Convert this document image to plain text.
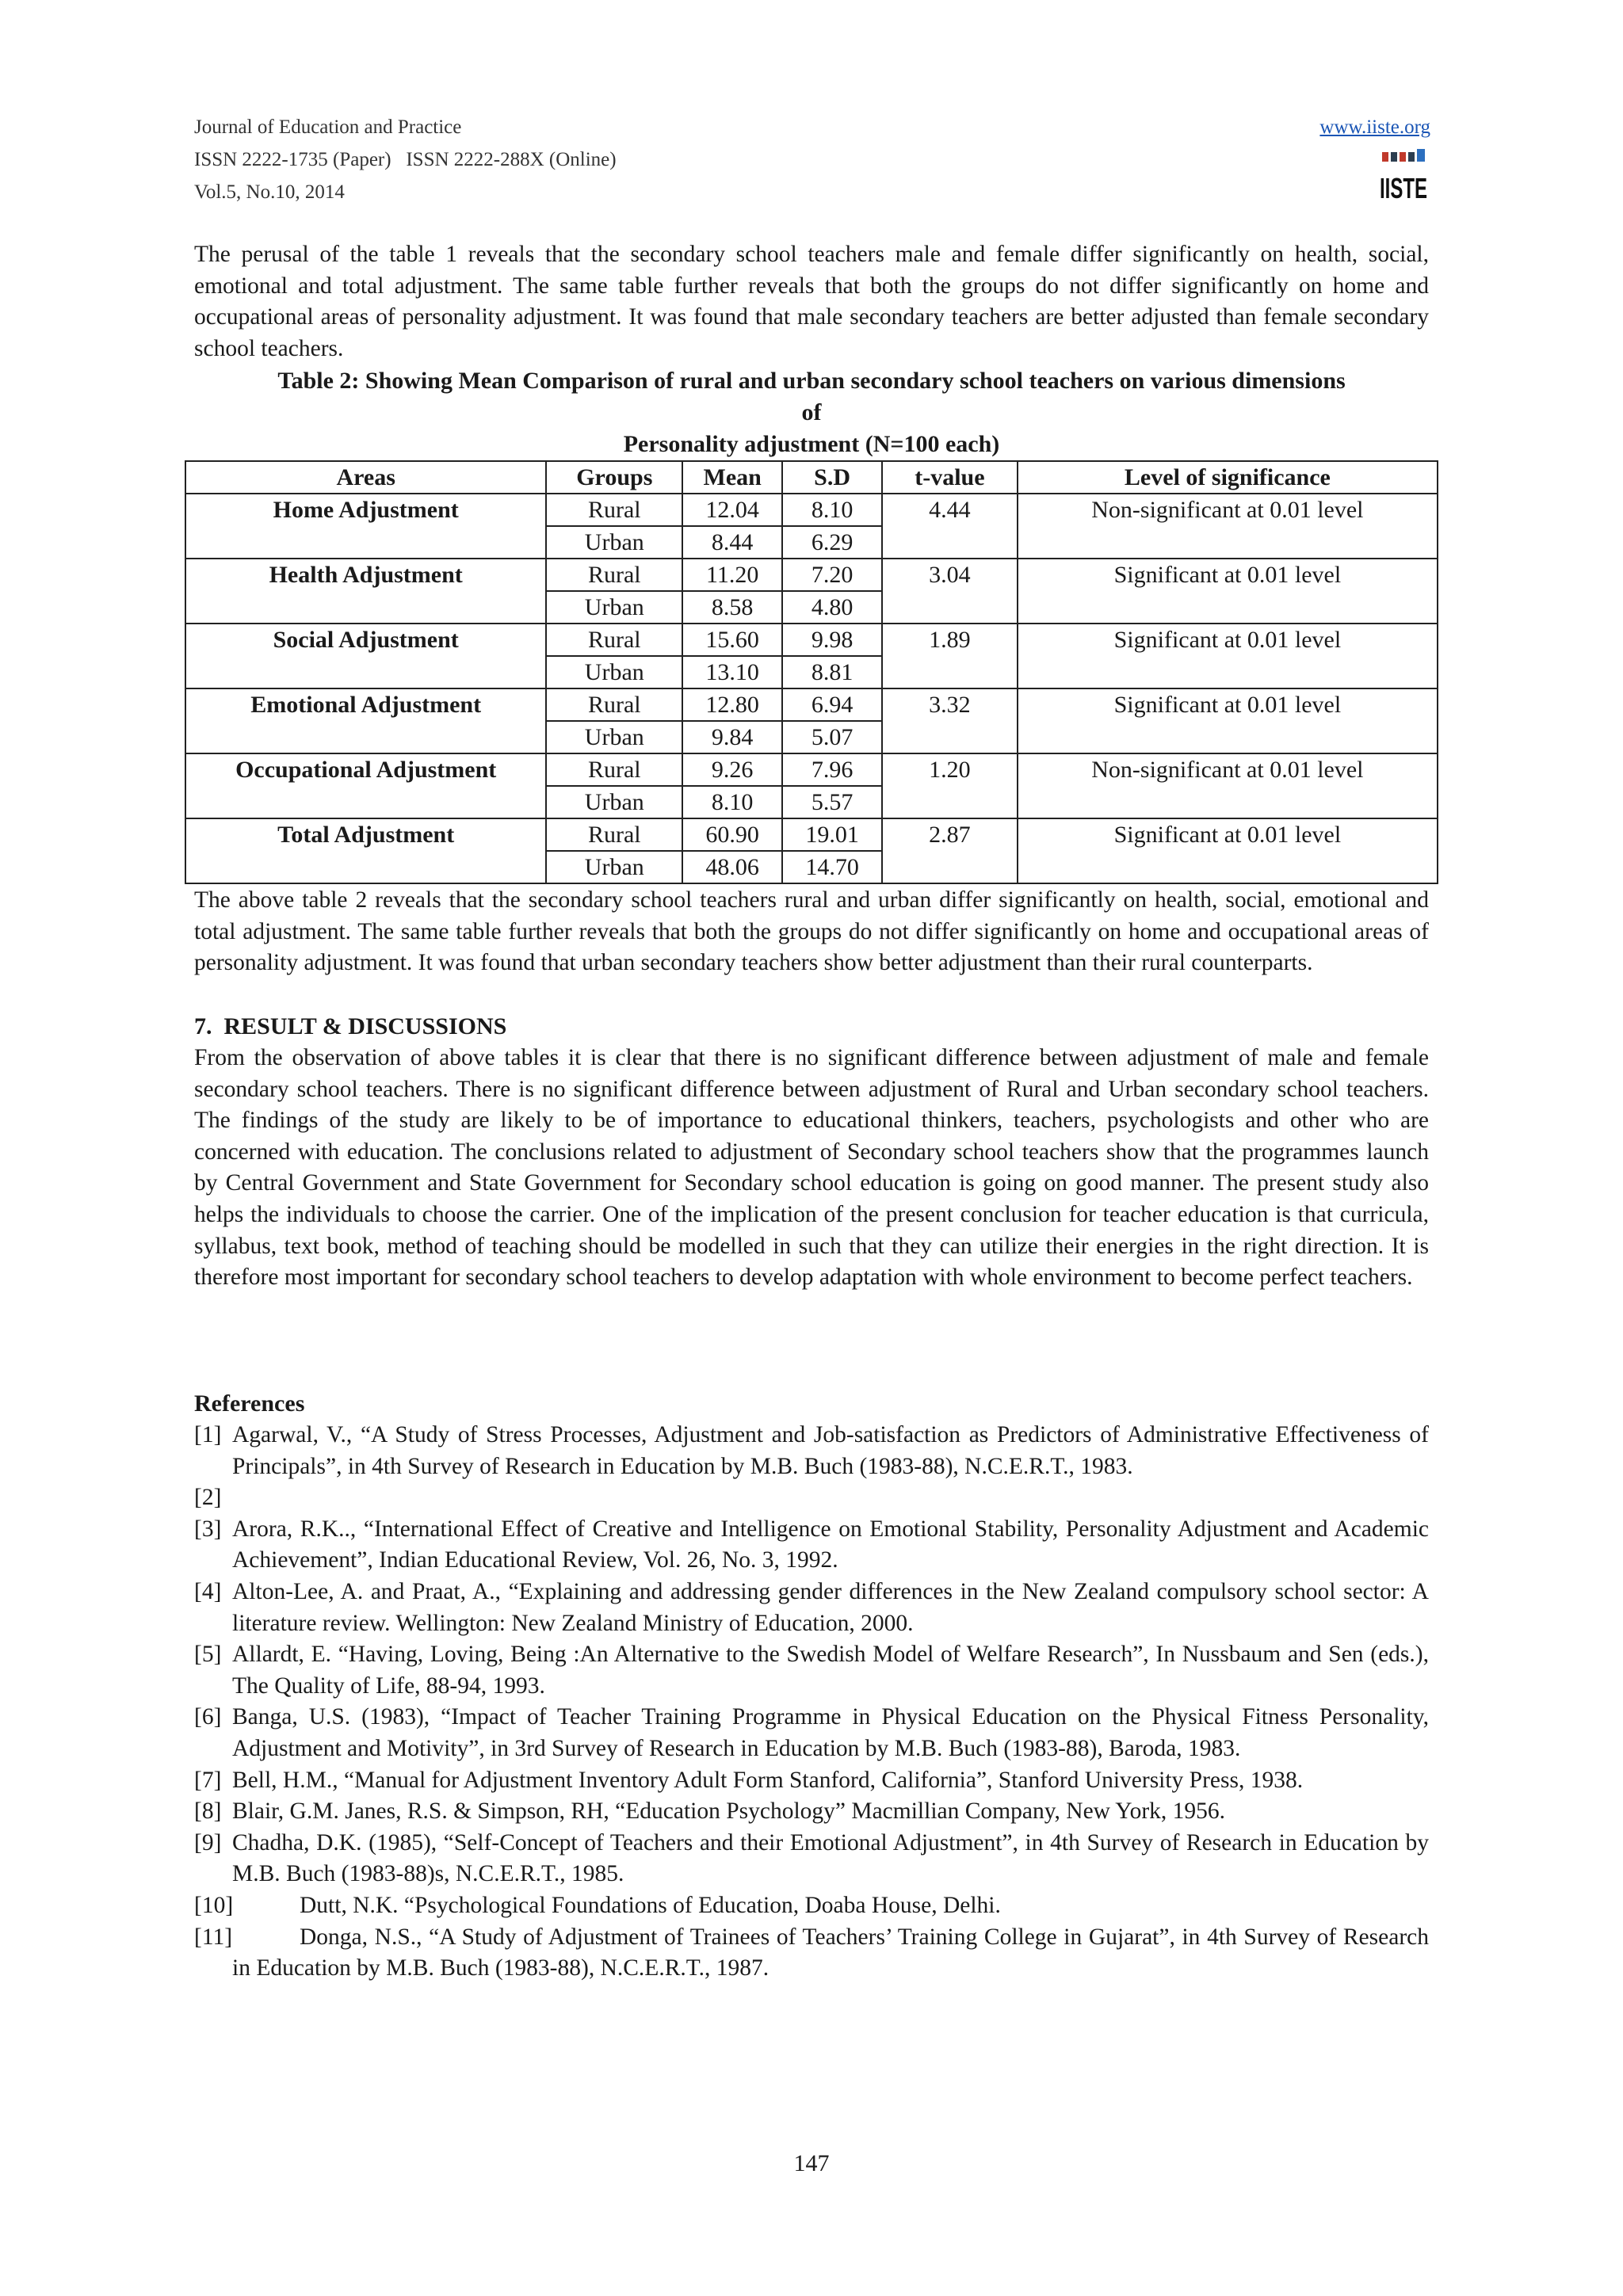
Journal of Education and Practice
ISSN 2222-1735 (Paper)   ISSN 2222-288X (Online)
Vol.5, No.10, 2014
www.iiste.org
IISTE
The perusal of the table 1 reveals that the secondary school teachers male and female differ significantly on health, social, emotional and total adjustment. The same table further reveals that both the groups do not differ significantly on home and occupational areas of personality adjustment. It was found that male secondary teachers are better adjusted than female secondary school teachers.
Table 2: Showing Mean Comparison of rural and urban secondary school teachers on various dimensions
of
Personality adjustment (N=100 each)
Areas	Groups	Mean	S.D	t-value	Level of significance
Home Adjustment	Rural	12.04	8.10	4.44	Non-significant at 0.01 level
	Urban	8.44	6.29		
Health Adjustment	Rural	11.20	7.20	3.04	Significant at 0.01 level
	Urban	8.58	4.80		
Social Adjustment	Rural	15.60	9.98	1.89	Significant at 0.01 level
	Urban	13.10	8.81		
Emotional Adjustment	Rural	12.80	6.94	3.32	Significant at 0.01 level
	Urban	9.84	5.07		
Occupational Adjustment	Rural	9.26	7.96	1.20	Non-significant at 0.01 level
	Urban	8.10	5.57		
Total Adjustment	Rural	60.90	19.01	2.87	Significant at 0.01 level
	Urban	48.06	14.70		
The above table 2 reveals that the secondary school teachers rural and urban differ significantly on health, social, emotional and total adjustment. The same table further reveals that both the groups do not differ significantly on home and occupational areas of personality adjustment. It was found that urban secondary teachers show better adjustment than their rural counterparts.
7.  RESULT & DISCUSSIONS
From the observation of above tables it is clear that there is no significant difference between adjustment of male and female secondary school teachers. There is no significant difference between adjustment of Rural and Urban secondary school teachers. The findings of the study are likely to be of importance to educational thinkers, teachers, psychologists and other who are concerned with education. The conclusions related to adjustment of Secondary school teachers show that the programmes launch by Central Government and State Government for Secondary school education is going on good manner. The present study also helps the individuals to choose the carrier. One of the implication of the present conclusion for teacher education is that curricula, syllabus, text book, method of teaching should be modelled in such that they can utilize their energies in the right direction. It is therefore most important for secondary school teachers to develop adaptation with whole environment to become perfect teachers.
References
[1] Agarwal, V., “A Study of Stress Processes, Adjustment and Job-satisfaction as Predictors of Administrative Effectiveness of Principals”, in 4th Survey of Research in Education by M.B. Buch (1983-88), N.C.E.R.T., 1983.
[2]
[3] Arora, R.K.., “International Effect of Creative and Intelligence on Emotional Stability, Personality Adjustment and Academic Achievement”, Indian Educational Review, Vol. 26, No. 3, 1992.
[4] Alton-Lee, A. and Praat, A., “Explaining and addressing gender differences in the New Zealand compulsory school sector: A literature review. Wellington: New Zealand Ministry of Education, 2000.
[5] Allardt, E. “Having, Loving, Being :An Alternative to the Swedish Model of Welfare Research”, In Nussbaum and Sen (eds.), The Quality of Life, 88-94, 1993.
[6] Banga, U.S. (1983), “Impact of Teacher Training Programme in Physical Education on the Physical Fitness Personality, Adjustment and Motivity”, in 3rd Survey of Research in Education by M.B. Buch (1983-88), Baroda, 1983.
[7] Bell, H.M., “Manual for Adjustment Inventory Adult Form Stanford, California”, Stanford University Press, 1938.
[8] Blair, G.M. Janes, R.S. & Simpson, RH, “Education Psychology” Macmillian Company, New York, 1956.
[9] Chadha, D.K. (1985), “Self-Concept of Teachers and their Emotional Adjustment”, in 4th Survey of Research in Education by M.B. Buch (1983-88)s, N.C.E.R.T., 1985.
[10]	Dutt, N.K. “Psychological Foundations of Education, Doaba House, Delhi.
[11]	Donga, N.S., “A Study of Adjustment of Trainees of Teachers’ Training College in Gujarat”, in 4th Survey of Research in Education by M.B. Buch (1983-88), N.C.E.R.T., 1987.
147
